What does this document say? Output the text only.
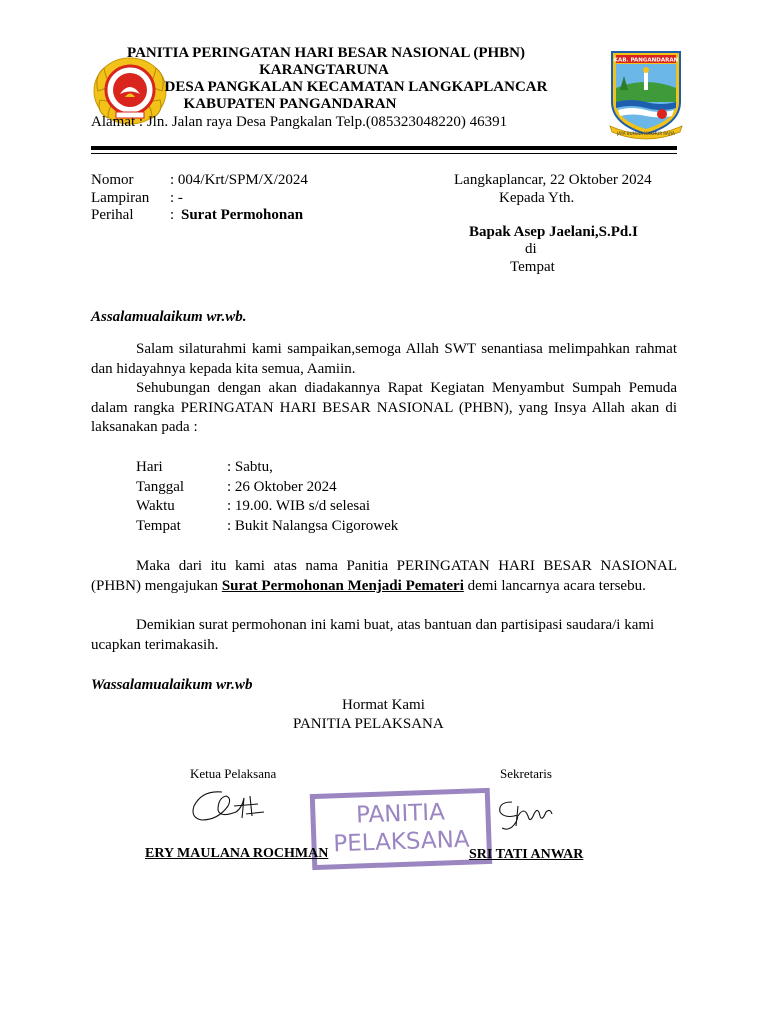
KAB. PANGANDARAN
JAYA BUMINA MAKMUR RAJYA
PANITIA PERINGATAN HARI BESAR NASIONAL (PHBN)
KARANGTARUNA
DESA PANGKALAN KECAMATAN LANGKAPLANCAR
KABUPATEN PANGANDARAN
Alamat : Jln. Jalan raya Desa Pangkalan Telp.(085323048220) 46391
Nomor : 004/Krt/SPM/X/2024
Lampiran : -
Perihal : Surat Permohonan
Langkaplancar, 22 Oktober 2024
Kepada Yth.
Bapak Asep Jaelani,S.Pd.I
di
Tempat
Assalamualaikum wr.wb.
Salam silaturahmi kami sampaikan,semoga Allah SWT senantiasa melimpahkan rahmat dan hidayahnya kepada kita semua, Aamiin.
Sehubungan dengan akan diadakannya Rapat Kegiatan Menyambut Sumpah Pemuda dalam rangka PERINGATAN HARI BESAR NASIONAL (PHBN), yang Insya Allah akan di laksanakan pada :
Hari	: Sabtu,
Tanggal	: 26 Oktober 2024
Waktu	: 19.00. WIB s/d selesai
Tempat	: Bukit Nalangsa Cigorowek
Maka dari itu kami atas nama Panitia PERINGATAN HARI BESAR NASIONAL (PHBN) mengajukan Surat Permohonan Menjadi Pemateri demi lancarnya acara tersebu.
Demikian surat permohonan ini kami buat, atas bantuan dan partisipasi saudara/i kami ucapkan terimakasih.
Wassalamualaikum wr.wb
Hormat Kami
PANITIA PELAKSANA
Ketua Pelaksana	Sekretaris
PANITIA
PELAKSANA
ERY MAULANA ROCHMAN	SRI TATI ANWAR
